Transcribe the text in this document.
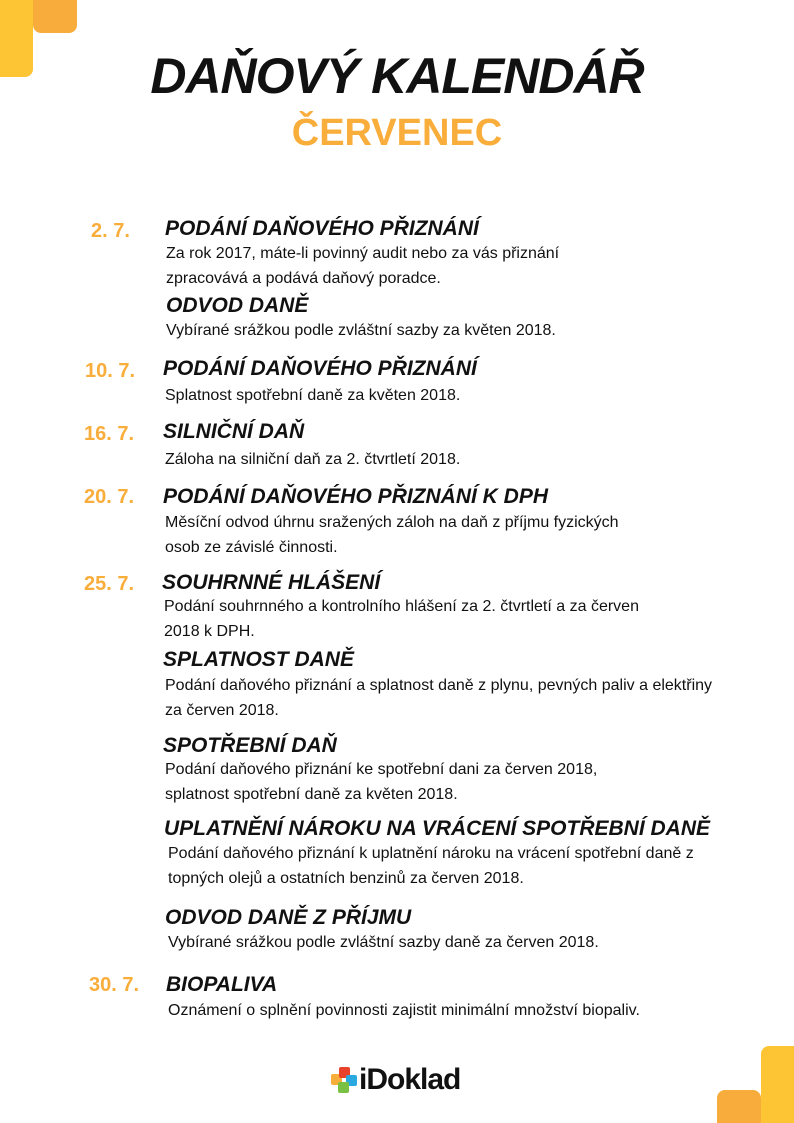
DAŇOVÝ KALENDÁŘ
ČERVENEC
2. 7. PODÁNÍ DAŇOVÉHO PŘIZNÁNÍ
Za rok 2017, máte-li povinný audit nebo za vás přiznání zpracovává a podává daňový poradce.
ODVOD DANĚ
Vybírané srážkou podle zvláštní sazby za květen 2018.
10. 7. PODÁNÍ DAŇOVÉHO PŘIZNÁNÍ
Splatnost spotřební daně za květen 2018.
16. 7. SILNIČNÍ DAŇ
Záloha na silniční daň za 2. čtvrtletí 2018.
20. 7. PODÁNÍ DAŇOVÉHO PŘIZNÁNÍ K DPH
Měsíční odvod úhrnu sražených záloh na daň z příjmu fyzických osob ze závislé činnosti.
25. 7. SOUHRNNÉ HLÁŠENÍ
Podání souhrnného a kontrolního hlášení za 2. čtvrtletí a za červen 2018 k DPH.
SPLATNOST DANĚ
Podání daňového přiznání a splatnost daně z plynu, pevných paliv a elektřiny za červen 2018.
SPOTŘEBNÍ DAŇ
Podání daňového přiznání ke spotřební dani za červen 2018, splatnost spotřební daně za květen 2018.
UPLATNĚNÍ NÁROKU NA VRÁCENÍ SPOTŘEBNÍ DANĚ
Podání daňového přiznání k uplatnění nároku na vrácení spotřební daně z topných olejů a ostatních benzinů za červen 2018.
ODVOD DANĚ Z PŘÍJMU
Vybírané srážkou podle zvláštní sazby daně za červen 2018.
30. 7. BIOPALIVA
Oznámení o splnění povinnosti zajistit minimální množství biopaliv.
iDoklad
